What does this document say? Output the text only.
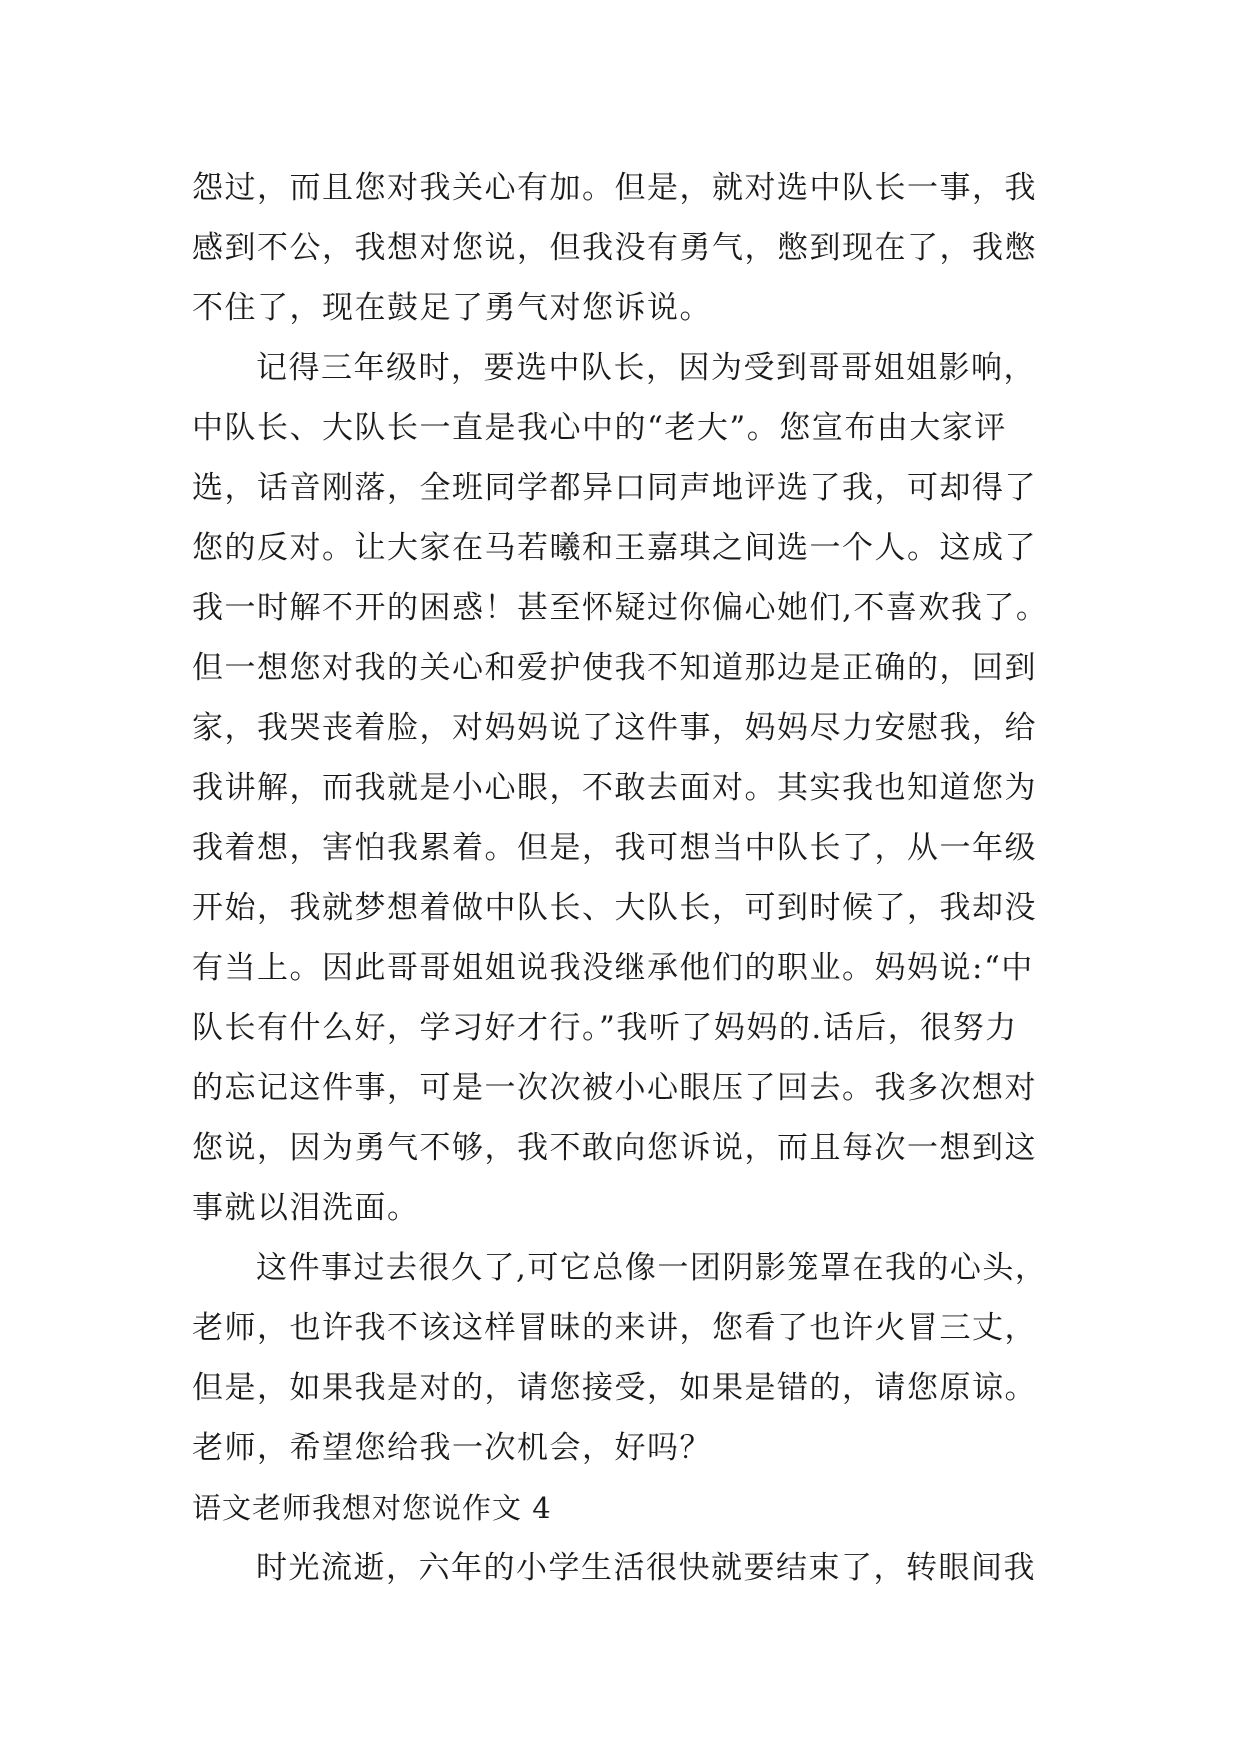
怨过，而且您对我关心有加。但是，就对选中队长一事，我
感到不公，我想对您说，但我没有勇气，憋到现在了，我憋
不住了，现在鼓足了勇气对您诉说。
记得三年级时，要选中队长，因为受到哥哥姐姐影响，
中队长、大队长一直是我心中的“老大”。您宣布由大家评
选，话音刚落，全班同学都异口同声地评选了我，可却得了
您的反对。让大家在马若曦和王嘉琪之间选一个人。这成了
我一时解不开的困惑！甚至怀疑过你偏心她们,不喜欢我了。
但一想您对我的关心和爱护使我不知道那边是正确的，回到
家，我哭丧着脸，对妈妈说了这件事，妈妈尽力安慰我，给
我讲解，而我就是小心眼，不敢去面对。其实我也知道您为
我着想，害怕我累着。但是，我可想当中队长了，从一年级
开始，我就梦想着做中队长、大队长，可到时候了，我却没
有当上。因此哥哥姐姐说我没继承他们的职业。妈妈说:“中
队长有什么好，学习好才行。”我听了妈妈的.话后，很努力
的忘记这件事，可是一次次被小心眼压了回去。我多次想对
您说，因为勇气不够，我不敢向您诉说，而且每次一想到这
事就以泪洗面。
这件事过去很久了,可它总像一团阴影笼罩在我的心头，
老师，也许我不该这样冒昧的来讲，您看了也许火冒三丈，
但是，如果我是对的，请您接受，如果是错的，请您原谅。
老师，希望您给我一次机会，好吗？
语文老师我想对您说作文 4
时光流逝，六年的小学生活很快就要结束了，转眼间我
